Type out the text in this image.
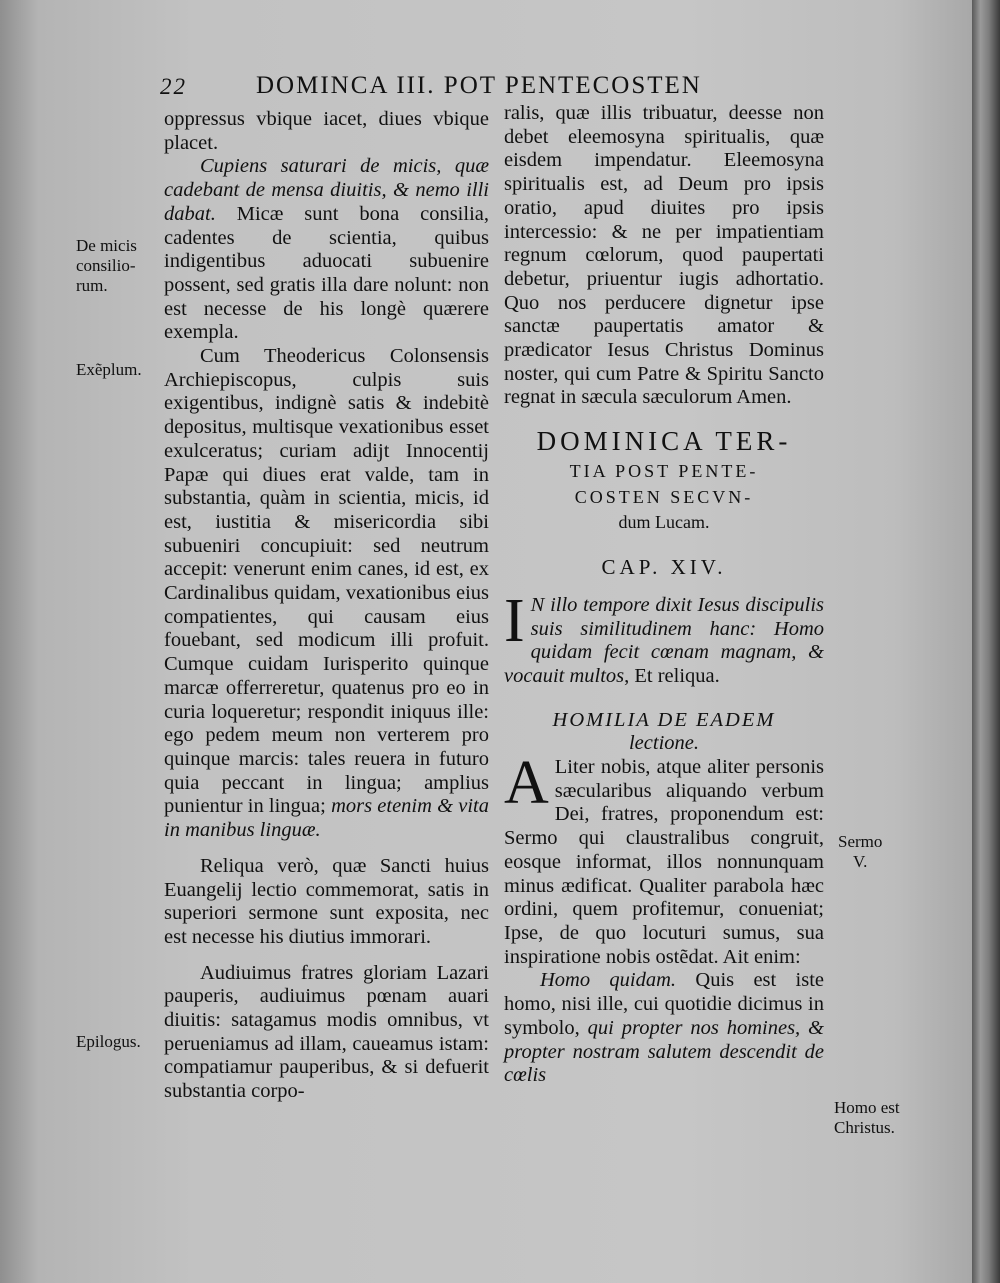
22	DOMINCA III. POT PENTECOSTEN

oppressus vbique iacet, diues vbique placet.

Cupiens saturari de micis, quæ cadebant de mensa diuitis, & nemo illi dabat. Micæ sunt bona consilia, cadentes de scientia, quibus indigentibus aduocati subuenire possent, sed gratis illa dare nolunt: non est necesse de his longè quærere exempla.

Cum Theodericus Colonsensis Archiepiscopus, culpis suis exigentibus, indignè satis & indebitè depositus, multisque vexationibus esset exulceratus; curiam adijt Innocentij Papæ qui diues erat valde, tam in substantia, quàm in scientia, micis, id est, iustitia & misericordia sibi subueniri concupiuit: sed neutrum accepit: venerunt enim canes, id est, ex Cardinalibus quidam, vexationibus eius compatientes, qui causam eius fouebant, sed modicum illi profuit. Cumque cuidam Iurisperito quinque marcæ offerreretur, quatenus pro eo in curia loqueretur; respondit iniquus ille: ego pedem meum non verterem pro quinque marcis: tales reuera in futuro quia peccant in lingua; amplius punientur in lingua; mors etenim & vita in manibus linguæ.

Reliqua verò, quæ Sancti huius Euangelij lectio commemorat, satis in superiori sermone sunt exposita, nec est necesse his diutius immorari.

Audiuimus fratres gloriam Lazari pauperis, audiuimus pœnam auari diuitis: satagamus modis omnibus, vt perueniamus ad illam, caueamus istam: compatiamur pauperibus, & si defuerit substantia corpo-

ralis, quæ illis tribuatur, deesse non debet eleemosyna spiritualis, quæ eisdem impendatur. Eleemosyna spiritualis est, ad Deum pro ipsis oratio, apud diuites pro ipsis intercessio: & ne per impatientiam regnum cœlorum, quod paupertati debetur, priuentur iugis adhortatio. Quo nos perducere dignetur ipse sanctæ paupertatis amator & prædicator Iesus Christus Dominus noster, qui cum Patre & Spiritu Sancto regnat in sæcula sæculorum Amen.

DOMINICA TER-
TIA POST PENTE-
COSTEN SECVN-
dum Lucam.
CAP. XIV.

I N illo tempore dixit Iesus discipulis suis similitudinem hanc: Homo quidam fecit cœnam magnam, & vocauit multos, Et reliqua.

HOMILIA DE EADEM
lectione.

A Liter nobis, atque aliter personis sæcularibus aliquando verbum Dei, fratres, proponendum est: Sermo qui claustralibus congruit, eosque informat, illos nonnunquam minus ædificat. Qualiter parabola hæc ordini, quem profitemur, conueniat; Ipse, de quo locuturi sumus, sua inspiratione nobis ostẽdat. Ait enim:

Homo quidam. Quis est iste homo, nisi ille, cui quotidie dicimus in symbolo, qui propter nos homines, & propter nostram salutem descendit de cœlis

De micis
consilio-
rum.
Exẽplum.
Epilogus.
Sermo
V.
Homo est
Christus.
